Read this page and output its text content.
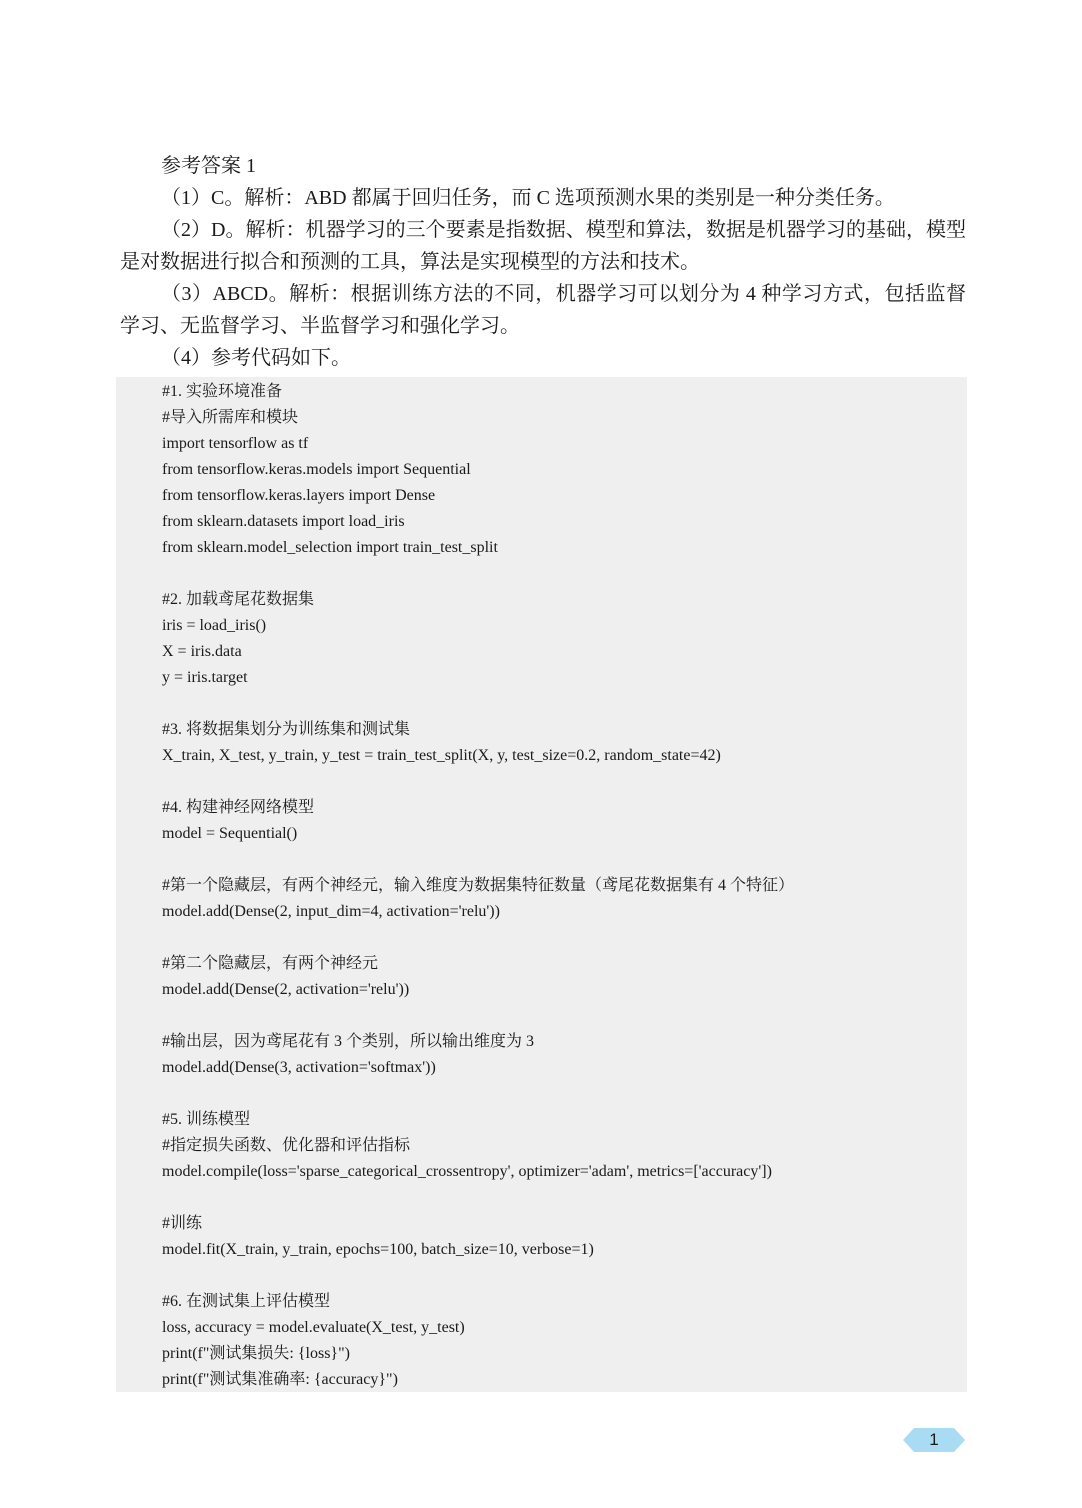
参考答案 1

（1）C。解析：ABD 都属于回归任务，而 C 选项预测水果的类别是一种分类任务。

（2）D。解析：机器学习的三个要素是指数据、模型和算法，数据是机器学习的基础，模型是对数据进行拟合和预测的工具，算法是实现模型的方法和技术。

（3）ABCD。解析：根据训练方法的不同，机器学习可以划分为 4 种学习方式，包括监督学习、无监督学习、半监督学习和强化学习。

（4）参考代码如下。

#1. 实验环境准备
#导入所需库和模块
import tensorflow as tf
from tensorflow.keras.models import Sequential
from tensorflow.keras.layers import Dense
from sklearn.datasets import load_iris
from sklearn.model_selection import train_test_split
#2. 加载鸢尾花数据集
iris = load_iris()
X = iris.data
y = iris.target
#3. 将数据集划分为训练集和测试集
X_train, X_test, y_train, y_test = train_test_split(X, y, test_size=0.2, random_state=42)
#4. 构建神经网络模型
model = Sequential()
#第一个隐藏层，有两个神经元，输入维度为数据集特征数量（鸢尾花数据集有 4 个特征）
model.add(Dense(2, input_dim=4, activation='relu'))
#第二个隐藏层，有两个神经元
model.add(Dense(2, activation='relu'))
#输出层，因为鸢尾花有 3 个类别，所以输出维度为 3
model.add(Dense(3, activation='softmax'))
#5. 训练模型
#指定损失函数、优化器和评估指标
model.compile(loss='sparse_categorical_crossentropy', optimizer='adam', metrics=['accuracy'])
#训练
model.fit(X_train, y_train, epochs=100, batch_size=10, verbose=1)
#6. 在测试集上评估模型
loss, accuracy = model.evaluate(X_test, y_test)
print(f"测试集损失: {loss}")
print(f"测试集准确率: {accuracy}")
1
